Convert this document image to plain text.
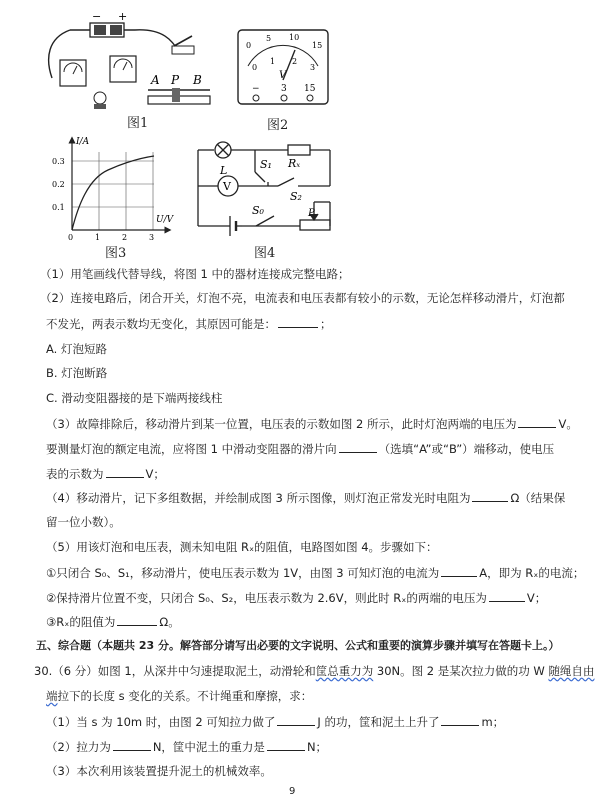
− +
A P B
图1
0
5 10
15
0
1 2
3
V
− 3 15
图2
I/A
U/V
0.3
0.2
0.1
0	1	2	3
图3
L	S₁ Rₓ
S₂
S₀	P
V
图4
（1）用笔画线代替导线，将图 1 中的器材连接成完整电路；
（2）连接电路后，闭合开关，灯泡不亮，电流表和电压表都有较小的示数，无论怎样移动滑片，灯泡都
不发光，两表示数均无变化，其原因可能是：	；
A. 灯泡短路
B. 灯泡断路
C. 滑动变阻器接的是下端两接线柱
（3）故障排除后，移动滑片到某一位置，电压表的示数如图 2 所示，此时灯泡两端的电压为	V。
要测量灯泡的额定电流，应将图 1 中滑动变阻器的滑片向	（选填“A”或“B”）端移动，使电压
表的示数为	V；
（4）移动滑片，记下多组数据，并绘制成图 3 所示图像，则灯泡正常发光时电阻为	Ω（结果保
留一位小数）。
（5）用该灯泡和电压表，测未知电阻 Rₓ的阻值，电路图如图 4。步骤如下：
①只闭合 S₀、S₁，移动滑片，使电压表示数为 1V，由图 3 可知灯泡的电流为	A，即为 Rₓ的电流；
②保持滑片位置不变，只闭合 S₀、S₂，电压表示数为 2.6V，则此时 Rₓ的两端的电压为	V；
③Rₓ的阻值为	Ω。
五、综合题（本题共 23 分。解答部分请写出必要的文字说明、公式和重要的演算步骤并填写在答题卡上。）
30.（6 分）如图 1，从深井中匀速提取泥土，动滑轮和筐总重力为 30N。图 2 是某次拉力做的功 W 随绳自由
端拉下的长度 s 变化的关系。不计绳重和摩擦，求：
（1）当 s 为 10m 时，由图 2 可知拉力做了	J 的功，筐和泥土上升了	m；
（2）拉力为	N，筐中泥土的重力是	N；
（3）本次利用该装置提升泥土的机械效率。
9
